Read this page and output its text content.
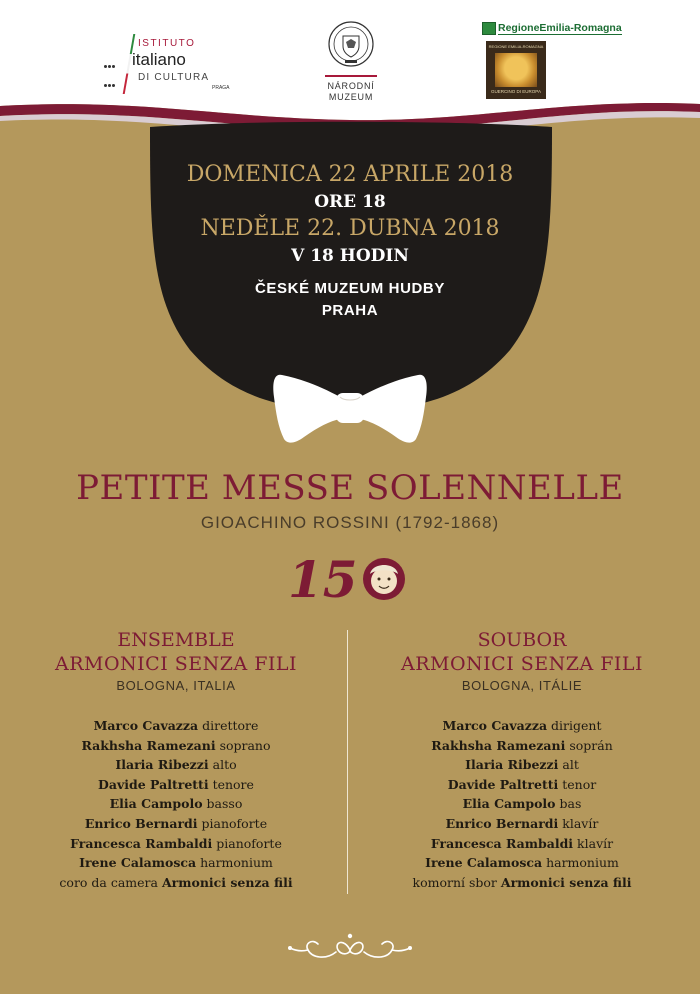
ISTITUTO
italiano
DI CULTURA
PRAGA	NÁRODNÍ
MUZEUM
RegioneEmilia-Romagna
REGIONE EMILIA-ROMAGNA
GUERCINO DI EUROPA
DOMENICA 22 APRILE 2018
ORE 18
NEDĚLE 22. DUBNA 2018
V 18 HODIN
ČESKÉ MUZEUM HUDBY
PRAHA
PETITE MESSE SOLENNELLE
GIOACHINO ROSSINI (1792-1868)
15
ENSEMBLE
ARMONICI SENZA FILI
BOLOGNA, ITALIA
Marco Cavazza direttore
Rakhsha Ramezani soprano
Ilaria Ribezzi alto
Davide Paltretti tenore
Elia Campolo basso
Enrico Bernardi pianoforte
Francesca Rambaldi pianoforte
Irene Calamosca harmonium
coro da camera Armonici senza fili
SOUBOR
ARMONICI SENZA FILI
BOLOGNA, ITÁLIE
Marco Cavazza dirigent
Rakhsha Ramezani soprán
Ilaria Ribezzi alt
Davide Paltretti tenor
Elia Campolo bas
Enrico Bernardi klavír
Francesca Rambaldi klavír
Irene Calamosca harmonium
komorní sbor Armonici senza fili
